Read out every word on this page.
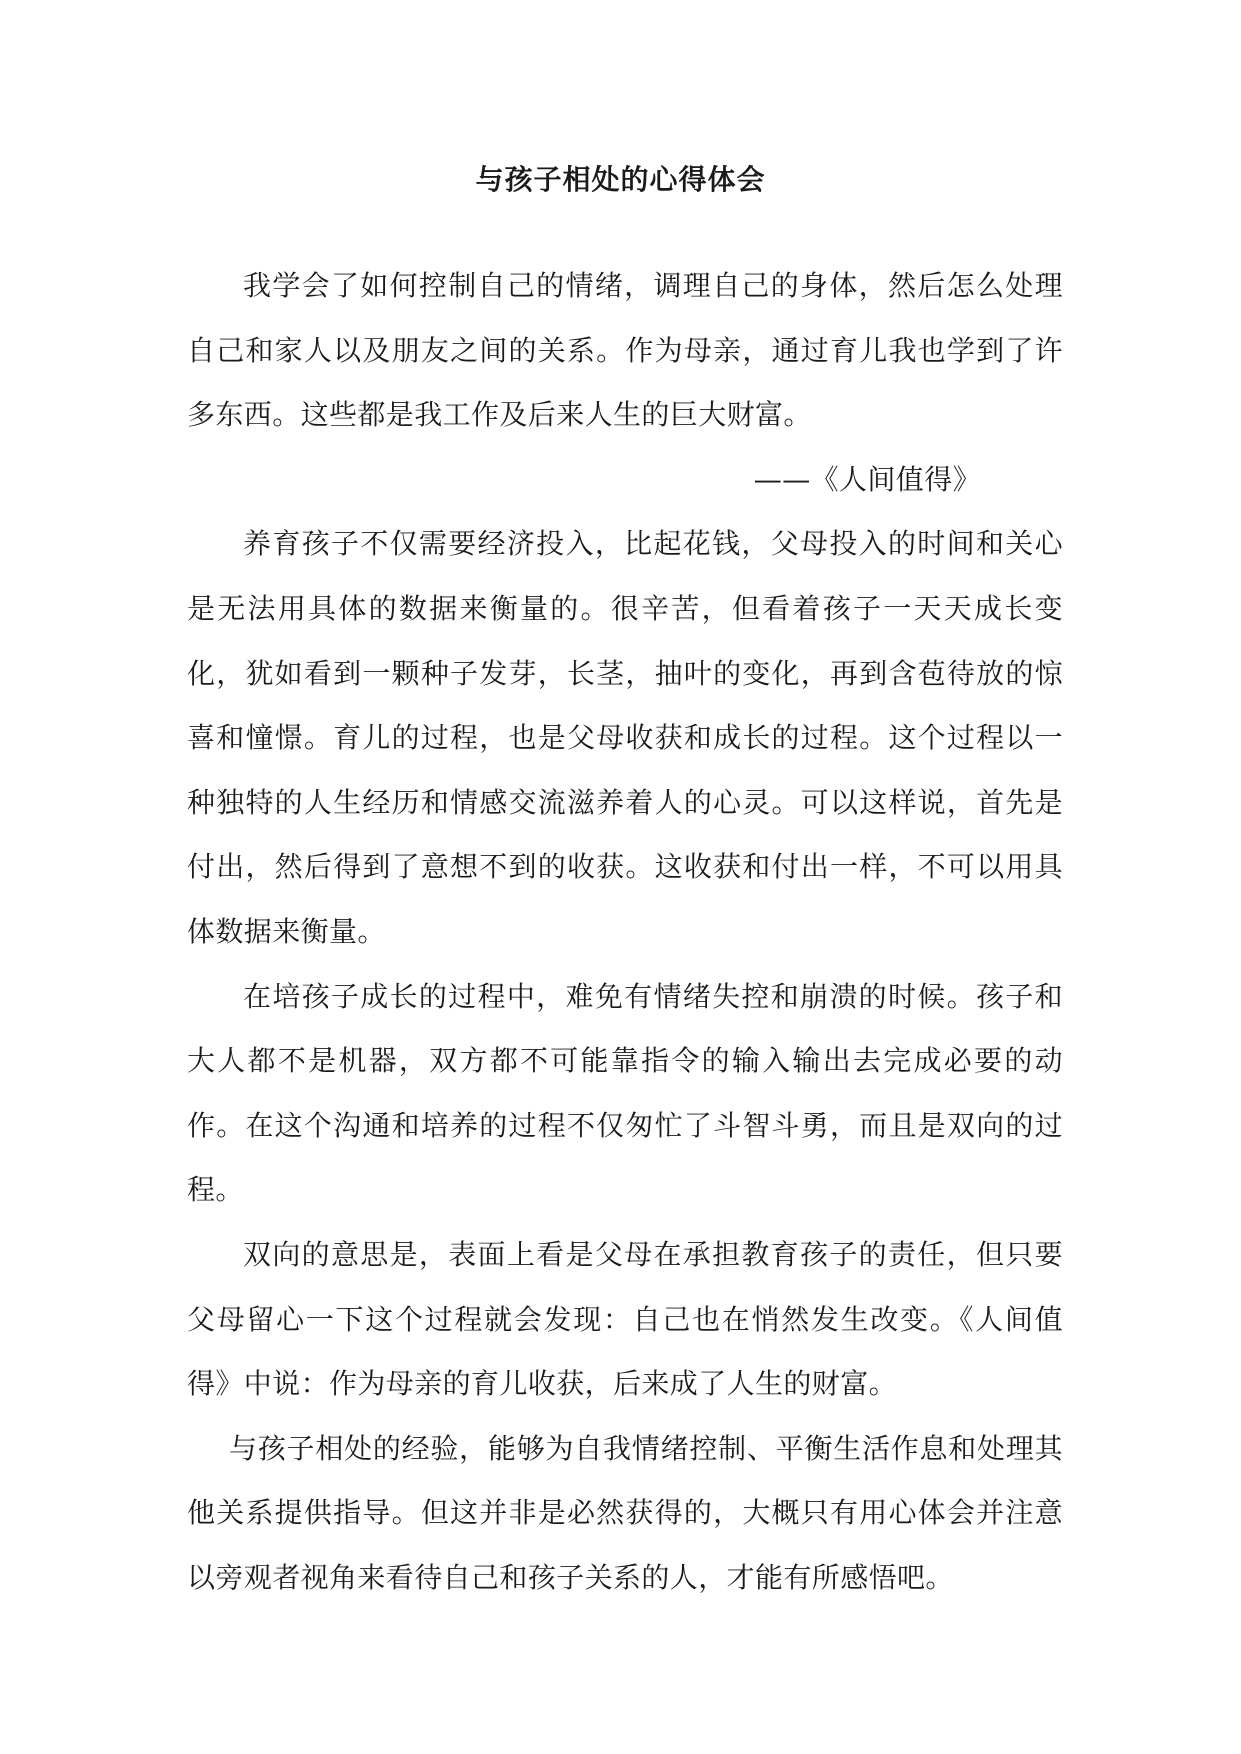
与孩子相处的心得体会

我学会了如何控制自己的情绪，调理自己的身体，然后怎么处理自己和家人以及朋友之间的关系。作为母亲，通过育儿我也学到了许多东西。这些都是我工作及后来人生的巨大财富。

——《人间值得》

养育孩子不仅需要经济投入，比起花钱，父母投入的时间和关心是无法用具体的数据来衡量的。很辛苦，但看着孩子一天天成长变化，犹如看到一颗种子发芽，长茎，抽叶的变化，再到含苞待放的惊喜和憧憬。育儿的过程，也是父母收获和成长的过程。这个过程以一种独特的人生经历和情感交流滋养着人的心灵。可以这样说，首先是付出，然后得到了意想不到的收获。这收获和付出一样，不可以用具体数据来衡量。

在培孩子成长的过程中，难免有情绪失控和崩溃的时候。孩子和大人都不是机器，双方都不可能靠指令的输入输出去完成必要的动作。在这个沟通和培养的过程不仅匆忙了斗智斗勇，而且是双向的过程。

双向的意思是，表面上看是父母在承担教育孩子的责任，但只要父母留心一下这个过程就会发现：自己也在悄然发生改变。《人间值得》中说：作为母亲的育儿收获，后来成了人生的财富。

与孩子相处的经验，能够为自我情绪控制、平衡生活作息和处理其他关系提供指导。但这并非是必然获得的，大概只有用心体会并注意以旁观者视角来看待自己和孩子关系的人，才能有所感悟吧。
